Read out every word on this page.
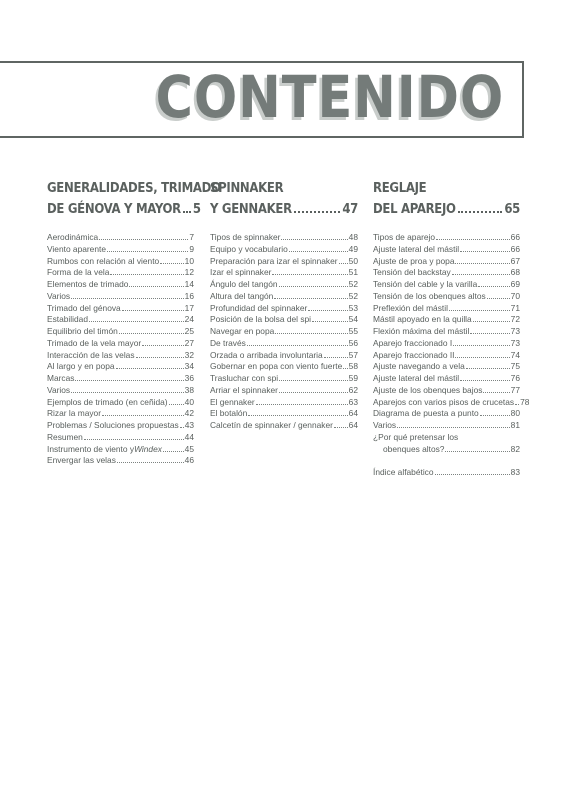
CONTENIDO
GENERALIDADES, TRIMADO
DE GÉNOVA Y MAYOR 5
Aerodinámica	7
Viento aparente	9
Rumbos con relación al viento	10
Forma de la vela	12
Elementos de trimado	14
Varios	16
Trimado del génova	17
Estabilidad	24
Equilibrio del timón	25
Trimado de la vela mayor	27
Interacción de las velas	32
Al largo y en popa	34
Marcas	36
Varios	38
Ejemplos de trimado (en ceñida) 40
Rizar la mayor	42
Problemas / Soluciones propuestas 43
Resumen	44
Instrumento de viento y Windex	45
Envergar las velas	46
SPINNAKER
Y GENNAKER	47
Tipos de spinnaker	48
Equipo y vocabulario	49
Preparación para izar el spinnaker 50
Izar el spinnaker	51
Ángulo del tangón	52
Altura del tangón	52
Profundidad del spinnaker	53
Posición de la bolsa del spi	54
Navegar en popa	55
De través	56
Orzada o arribada involuntaria	57
Gobernar en popa con viento fuerte 58
Trasluchar con spi	59
Arriar el spinnaker	62
El gennaker	63
El botalón	64
Calcetín de spinnaker / gennaker 64
REGLAJE
DEL APAREJO	65
Tipos de aparejo	66
Ajuste lateral del mástil	66
Ajuste de proa y popa	67
Tensión del backstay	68
Tensión del cable y la varilla	69
Tensión de los obenques altos	70
Preflexión del mástil	71
Mástil apoyado en la quilla	72
Flexión máxima del mástil	73
Aparejo fraccionado I	73
Aparejo fraccionado II	74
Ajuste navegando a vela	75
Ajuste lateral del mástil	76
Ajuste de los obenques bajos	77
Aparejos con varios pisos de crucetas 78
Diagrama de puesta a punto	80
Varios	81
¿Por qué pretensar los
obenques altos?	82
Índice alfabético	83
